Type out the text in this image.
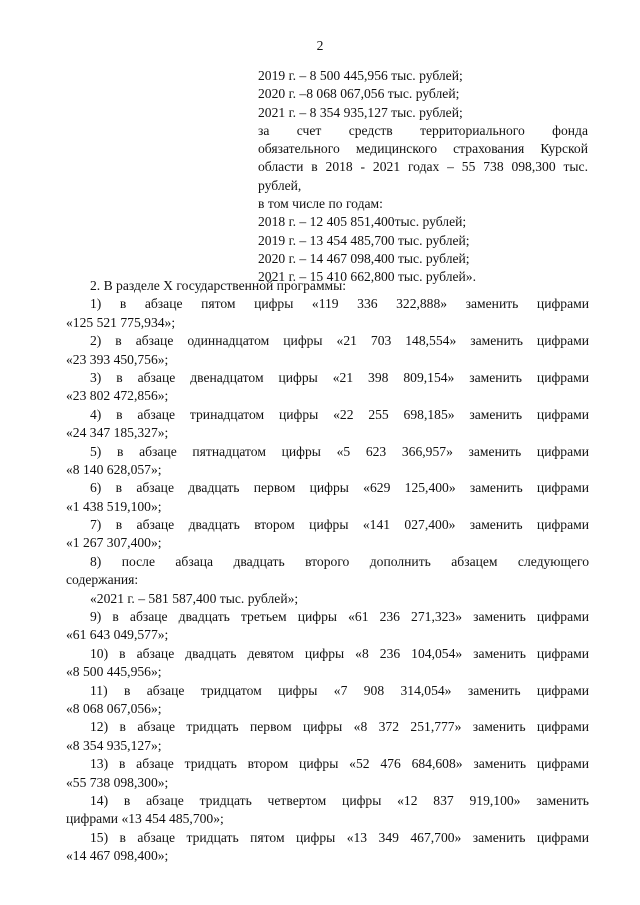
2
2019 г. – 8 500 445,956 тыс. рублей;
2020 г. –8 068 067,056 тыс. рублей;
2021 г. – 8 354 935,127 тыс. рублей;
за счет средств территориального фонда
обязательного медицинского страхования Курской
области в 2018 - 2021 годах – 55 738 098,300 тыс.
рублей,
в том числе по годам:
2018 г. – 12 405 851,400тыс. рублей;
2019 г. – 13 454 485,700 тыс. рублей;
2020 г. – 14 467 098,400 тыс. рублей;
2021 г. – 15 410 662,800 тыс. рублей».
2. В разделе X государственной программы:
1) в абзаце пятом цифры «119 336 322,888» заменить цифрами
«125 521 775,934»;
2) в абзаце одиннадцатом цифры «21 703 148,554» заменить цифрами
«23 393 450,756»;
3) в абзаце двенадцатом цифры «21 398 809,154» заменить цифрами
«23 802 472,856»;
4) в абзаце тринадцатом цифры «22 255 698,185» заменить цифрами
«24 347 185,327»;
5) в абзаце пятнадцатом цифры «5 623 366,957» заменить цифрами
«8 140 628,057»;
6) в абзаце двадцать первом цифры «629 125,400» заменить цифрами
«1 438 519,100»;
7) в абзаце двадцать втором цифры «141 027,400» заменить цифрами
«1 267 307,400»;
8) после абзаца двадцать второго дополнить абзацем следующего
содержания:
«2021 г. – 581 587,400 тыс. рублей»;
9) в абзаце двадцать третьем цифры «61 236 271,323» заменить цифрами
«61 643 049,577»;
10) в абзаце двадцать девятом цифры «8 236 104,054» заменить цифрами
«8 500 445,956»;
11) в абзаце тридцатом цифры «7 908 314,054» заменить цифрами
«8 068 067,056»;
12) в абзаце тридцать первом цифры «8 372 251,777» заменить цифрами
«8 354 935,127»;
13) в абзаце тридцать втором цифры «52 476 684,608» заменить цифрами
«55 738 098,300»;
14) в абзаце тридцать четвертом цифры «12 837 919,100» заменить
цифрами «13 454 485,700»;
15) в абзаце тридцать пятом цифры «13 349 467,700» заменить цифрами
«14 467 098,400»;
